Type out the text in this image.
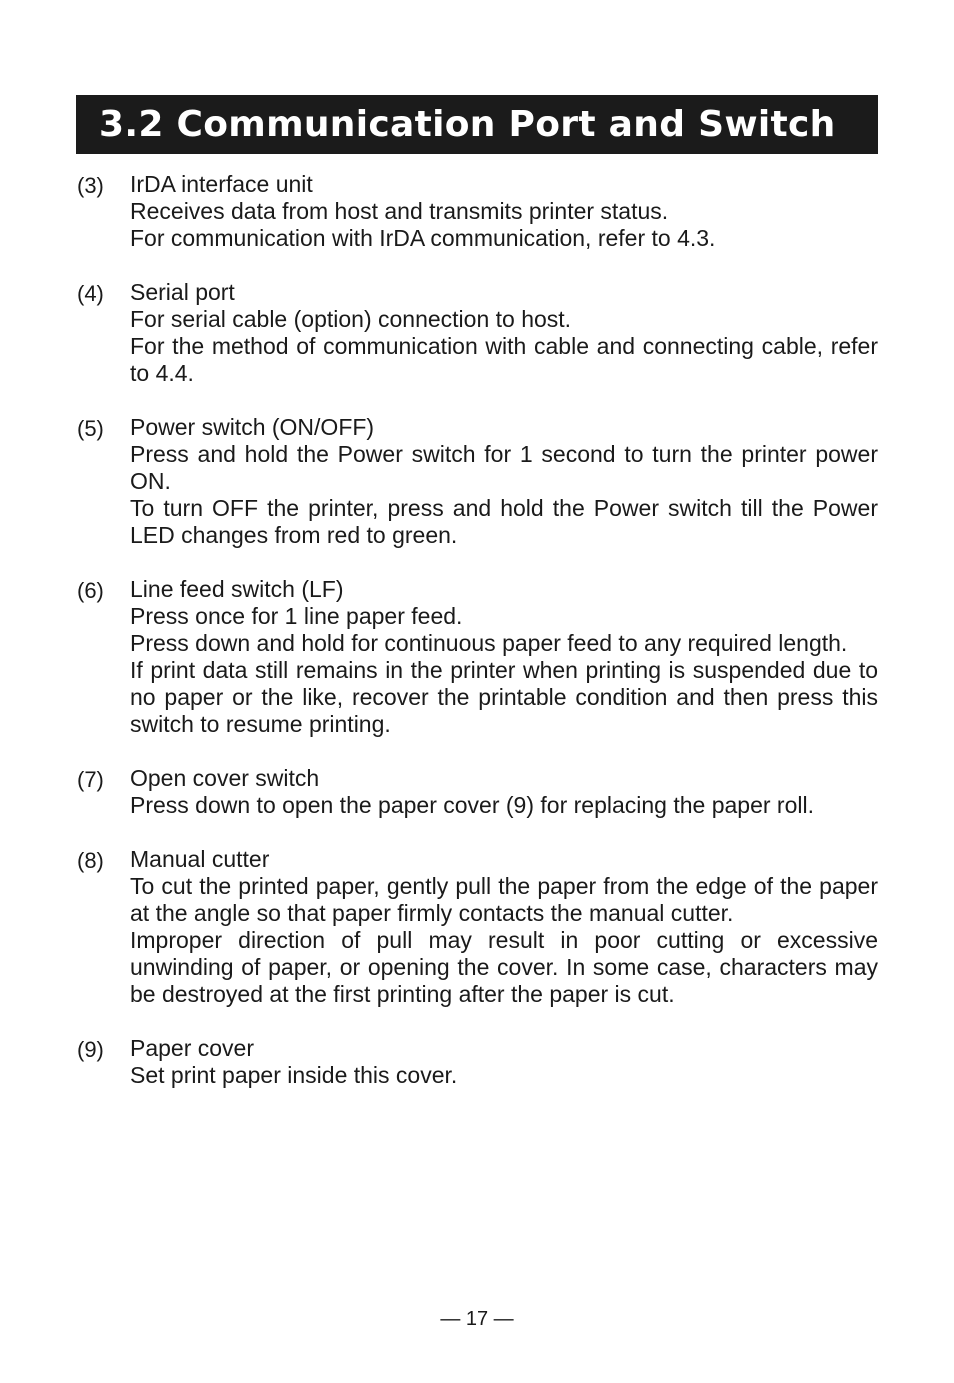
3.2 Communication Port and Switch
(3)	IrDA interface unit
Receives data from host and transmits printer status.
For communication with IrDA communication, refer to 4.3.
(4)	Serial port
For serial cable (option) connection to host.
For the method of communication with cable and connecting cable, refer to 4.4.
(5)	Power switch (ON/OFF)
Press and hold the Power switch for 1 second to turn the printer power ON.
To turn OFF the printer, press and hold the Power switch till the Power LED changes from red to green.
(6)	Line feed switch (LF)
Press once for 1 line paper feed.
Press down and hold for continuous paper feed to any required length.
If print data still remains in the printer when printing is suspended due to no paper or the like, recover the printable condition and then press this switch to resume printing.
(7)	Open cover switch
Press down to open the paper cover (9) for replacing the paper roll.
(8)	Manual cutter
To cut the printed paper, gently pull the paper from the edge of the paper at the angle so that paper firmly contacts the manual cutter.
Improper direction of pull may result in poor cutting or excessive unwinding of paper, or opening the cover. In some case, characters may be destroyed at the first printing after the paper is cut.
(9)	Paper cover
Set print paper inside this cover.
— 17 —
